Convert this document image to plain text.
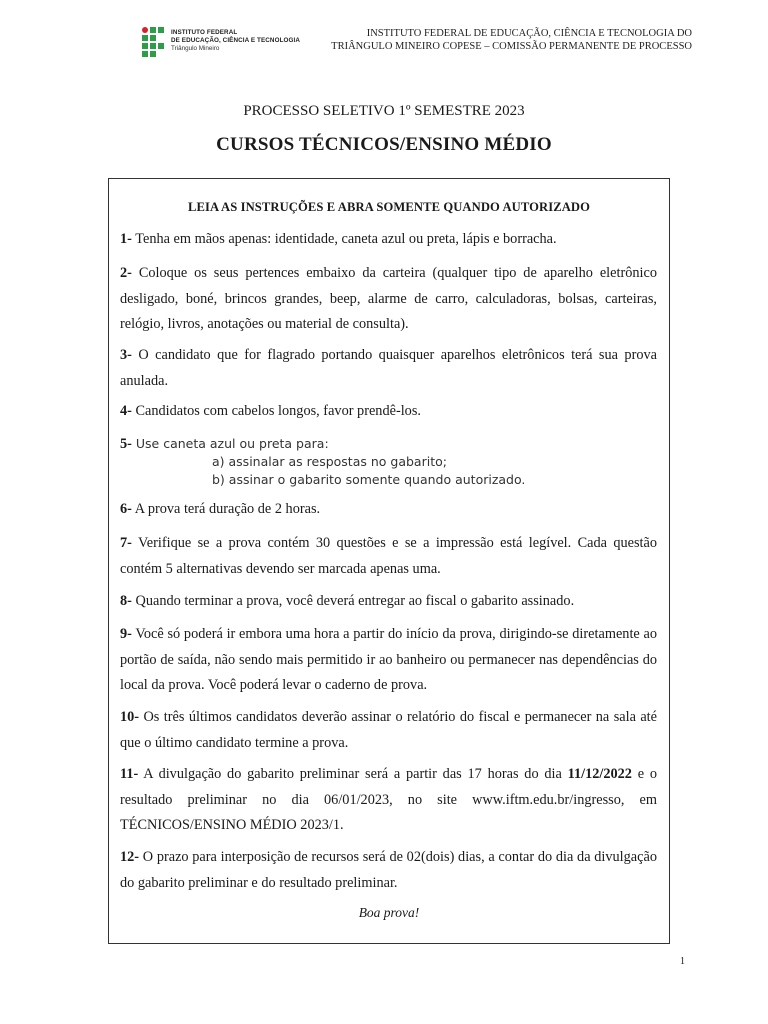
INSTITUTO FEDERAL
DE EDUCAÇÃO, CIÊNCIA E TECNOLOGIA
Triângulo Mineiro
INSTITUTO FEDERAL DE EDUCAÇÃO, CIÊNCIA E TECNOLOGIA DO
TRIÂNGULO MINEIRO COPESE – COMISSÃO PERMANENTE DE PROCESSO
PROCESSO SELETIVO 1º SEMESTRE 2023
CURSOS TÉCNICOS/ENSINO MÉDIO
LEIA AS INSTRUÇÕES E ABRA SOMENTE QUANDO AUTORIZADO
1- Tenha em mãos apenas: identidade, caneta azul ou preta, lápis e borracha.
2- Coloque os seus pertences embaixo da carteira (qualquer tipo de aparelho eletrônico desligado, boné, brincos grandes, beep, alarme de carro, calculadoras, bolsas, carteiras, relógio, livros, anotações ou material de consulta).
3- O candidato que for flagrado portando quaisquer aparelhos eletrônicos terá sua prova anulada.
4- Candidatos com cabelos longos, favor prendê-los.
5- Use caneta azul ou preta para:
a) assinalar as respostas no gabarito;
b) assinar o gabarito somente quando autorizado.
6- A prova terá duração de 2 horas.
7- Verifique se a prova contém 30 questões e se a impressão está legível. Cada questão contém 5 alternativas devendo ser marcada apenas uma.
8- Quando terminar a prova, você deverá entregar ao fiscal o gabarito assinado.
9- Você só poderá ir embora uma hora a partir do início da prova, dirigindo-se diretamente ao portão de saída, não sendo mais permitido ir ao banheiro ou permanecer nas dependências do local da prova. Você poderá levar o caderno de prova.
10- Os três últimos candidatos deverão assinar o relatório do fiscal e permanecer na sala até que o último candidato termine a prova.
11- A divulgação do gabarito preliminar será a partir das 17 horas do dia 11/12/2022 e o resultado preliminar no dia 06/01/2023, no site www.iftm.edu.br/ingresso, em TÉCNICOS/ENSINO MÉDIO 2023/1.
12- O prazo para interposição de recursos será de 02(dois) dias, a contar do dia da divulgação do gabarito preliminar e do resultado preliminar.
Boa prova!
1
